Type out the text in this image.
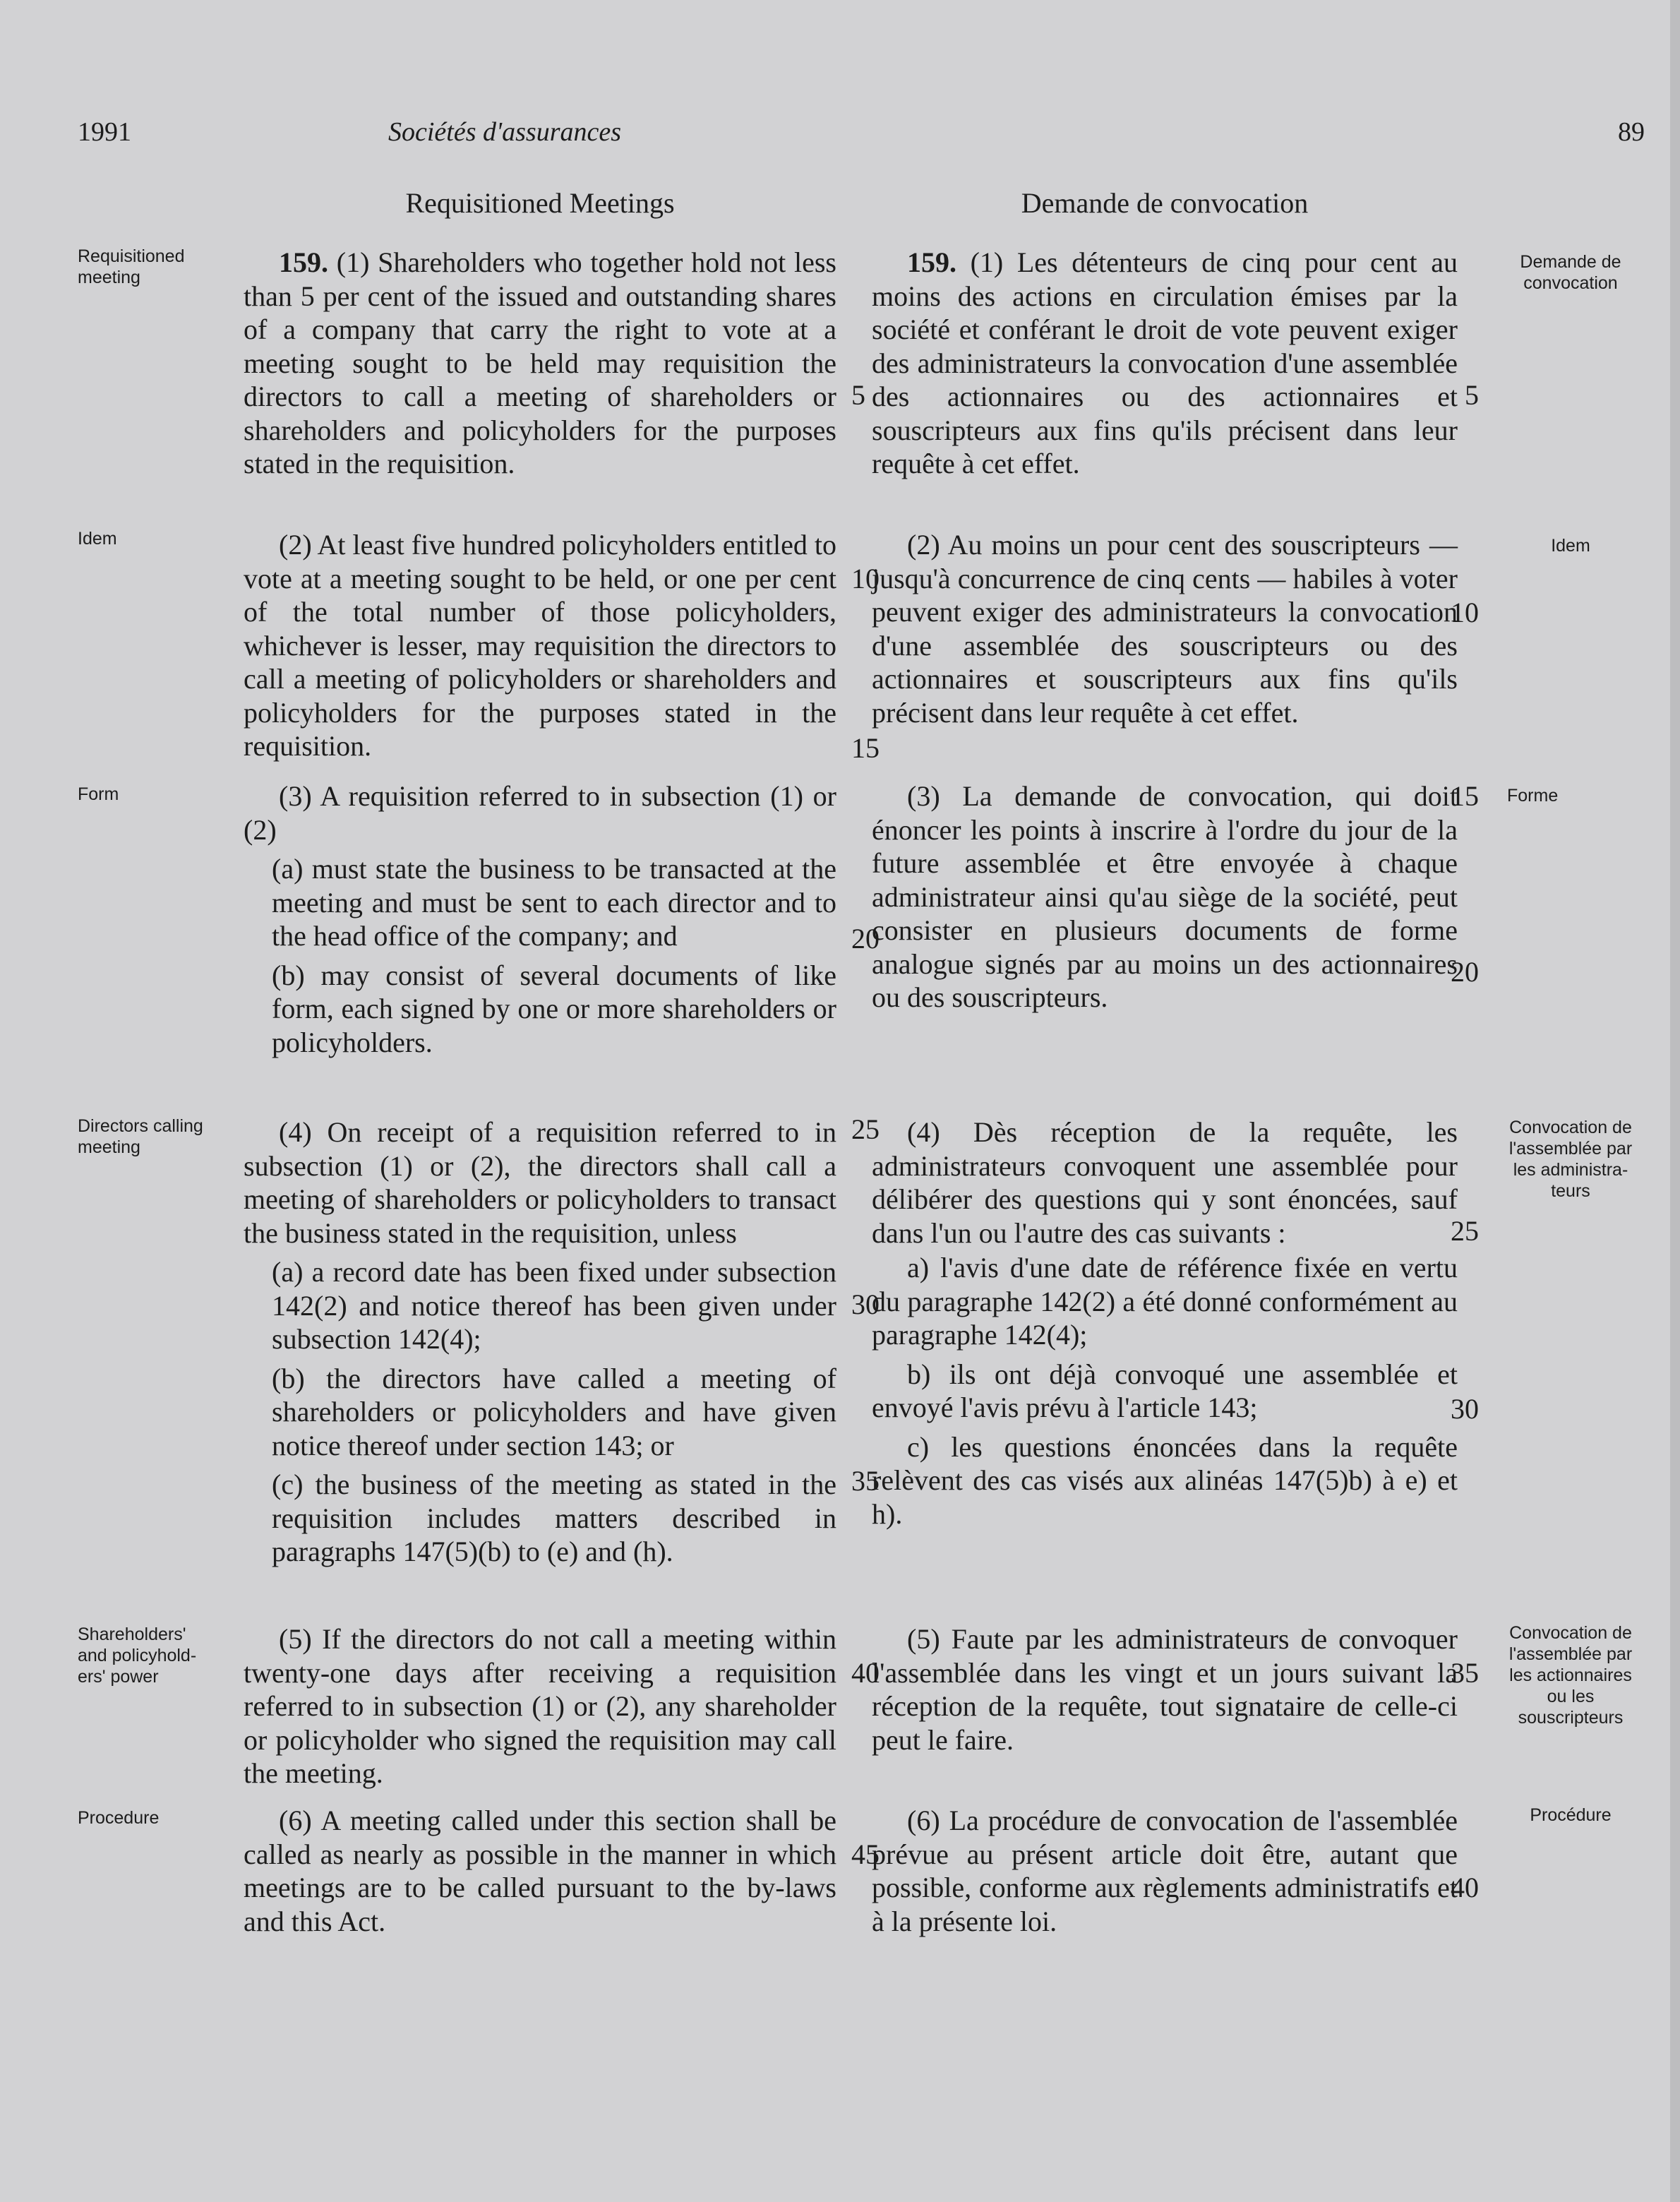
1991	Sociétés d'assurances	89
Requisitioned Meetings	Demande de convocation
Requisitioned meeting
Idem
Form
Directors calling meeting
Shareholders' and policyhold-ers' power
Procedure
Demande de convocation
Idem
Forme
Convocation de l'assemblée par les administra-teurs
Convocation de l'assemblée par les actionnaires ou les souscripteurs
Procédure

159. (1) Shareholders who together hold not less than 5 per cent of the issued and outstanding shares of a company that carry the right to vote at a meeting sought to be held may requisition the directors to call a meeting of shareholders or shareholders and policyholders for the purposes stated in the requisition.

(2) At least five hundred policyholders entitled to vote at a meeting sought to be held, or one per cent of the total number of those policyholders, whichever is lesser, may requisition the directors to call a meeting of policyholders or shareholders and policyholders for the purposes stated in the requisition.

(3) A requisition referred to in subsection (1) or (2)

(a) must state the business to be transacted at the meeting and must be sent to each director and to the head office of the company; and

(b) may consist of several documents of like form, each signed by one or more shareholders or policyholders.

(4) On receipt of a requisition referred to in subsection (1) or (2), the directors shall call a meeting of shareholders or policyholders to transact the business stated in the requisition, unless

(a) a record date has been fixed under subsection 142(2) and notice thereof has been given under subsection 142(4);

(b) the directors have called a meeting of shareholders or policyholders and have given notice thereof under section 143; or

(c) the business of the meeting as stated in the requisition includes matters described in paragraphs 147(5)(b) to (e) and (h).

(5) If the directors do not call a meeting within twenty-one days after receiving a requisition referred to in subsection (1) or (2), any shareholder or policyholder who signed the requisition may call the meeting.

(6) A meeting called under this section shall be called as nearly as possible in the manner in which meetings are to be called pursuant to the by-laws and this Act.

159. (1) Les détenteurs de cinq pour cent au moins des actions en circulation émises par la société et conférant le droit de vote peuvent exiger des administrateurs la convocation d'une assemblée des actionnaires ou des actionnaires et souscripteurs aux fins qu'ils précisent dans leur requête à cet effet.

(2) Au moins un pour cent des souscripteurs — jusqu'à concurrence de cinq cents — habiles à voter peuvent exiger des administrateurs la convocation d'une assemblée des souscripteurs ou des actionnaires et souscripteurs aux fins qu'ils précisent dans leur requête à cet effet.

(3) La demande de convocation, qui doit énoncer les points à inscrire à l'ordre du jour de la future assemblée et être envoyée à chaque administrateur ainsi qu'au siège de la société, peut consister en plusieurs documents de forme analogue signés par au moins un des actionnaires ou des souscripteurs.

(4) Dès réception de la requête, les administrateurs convoquent une assemblée pour délibérer des questions qui y sont énoncées, sauf dans l'un ou l'autre des cas suivants :

a) l'avis d'une date de référence fixée en vertu du paragraphe 142(2) a été donné conformément au paragraphe 142(4);

b) ils ont déjà convoqué une assemblée et envoyé l'avis prévu à l'article 143;

c) les questions énoncées dans la requête relèvent des cas visés aux alinéas 147(5)b) à e) et h).

(5) Faute par les administrateurs de convoquer l'assemblée dans les vingt et un jours suivant la réception de la requête, tout signataire de celle-ci peut le faire.

(6) La procédure de convocation de l'assemblée prévue au présent article doit être, autant que possible, conforme aux règlements administratifs et à la présente loi.

5
10
15
20
25
30
35
40
45
5
10
15
20
25
30
35
40
